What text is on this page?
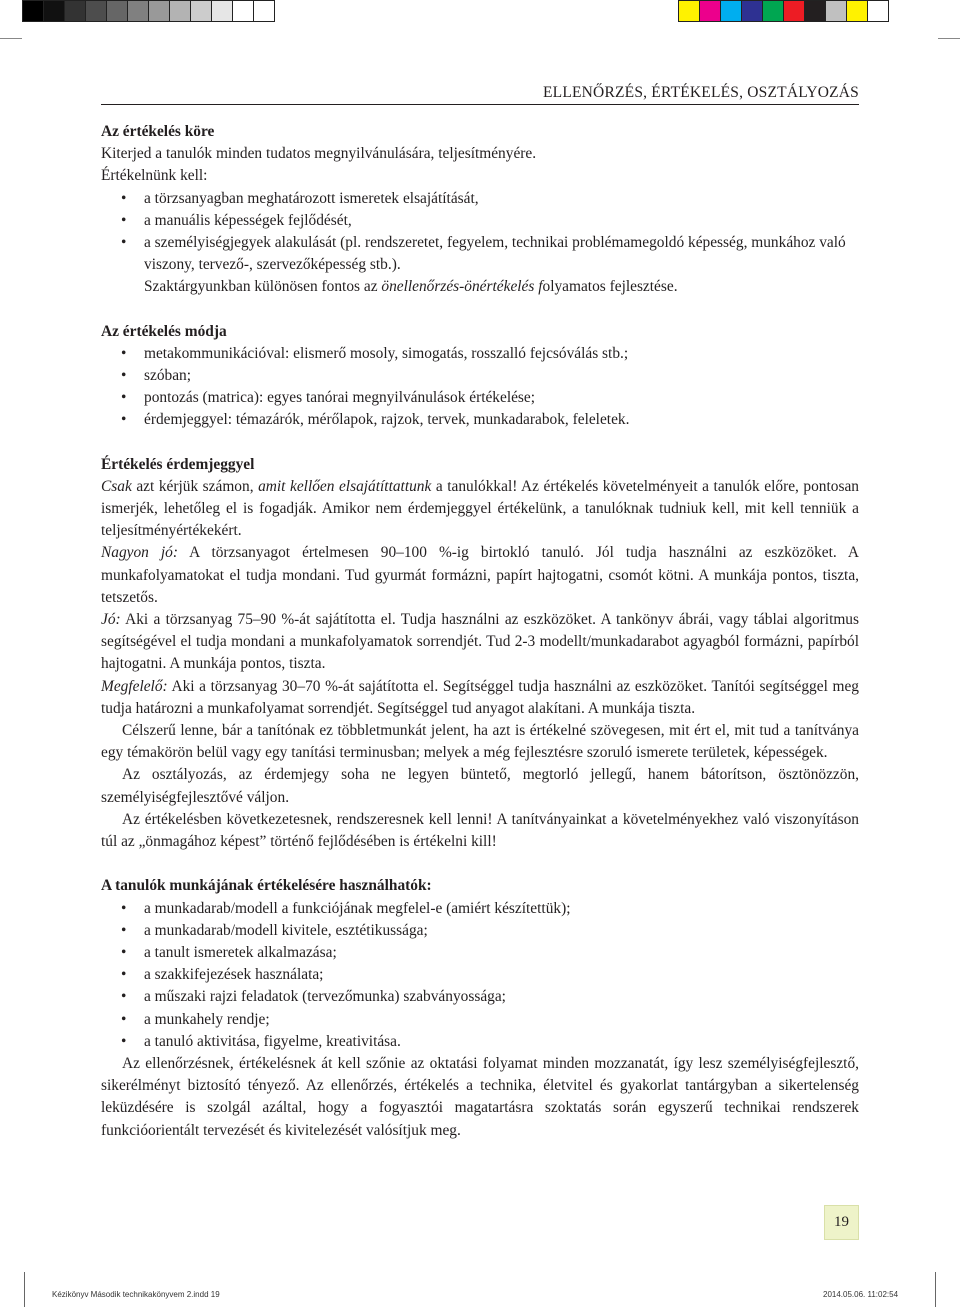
ELLENŐRZÉS, ÉRTÉKELÉS, OSZTÁLYOZÁS

Az értékelés köre

Kiterjed a tanulók minden tudatos megnyilvánulására, teljesítményére.

Értékelnünk kell:

• a törzsanyagban meghatározott ismeretek elsajátítását,
• a manuális képességek fejlődését,
• a személyiségjegyek alakulását (pl. rendszeretet, fegyelem, technikai problémamegoldó képesség, munkához való viszony, tervező-, szervezőképesség stb.).

Szaktárgyunkban különösen fontos az önellenőrzés-önértékelés folyamatos fejlesztése.

Az értékelés módja

• metakommunikációval: elismerő mosoly, simogatás, rosszalló fejcsóválás stb.;
• szóban;
• pontozás (matrica): egyes tanórai megnyilvánulások értékelése;
• érdemjeggyel: témazárók, mérőlapok, rajzok, tervek, munkadarabok, feleletek.

Értékelés érdemjeggyel

Csak azt kérjük számon, amit kellően elsajátíttattunk a tanulókkal! Az értékelés követelményeit a tanulók előre, pontosan ismerjék, lehetőleg el is fogadják. Amikor nem érdemjeggyel értékelünk, a tanulóknak tudniuk kell, mit kell tenniük a teljesítményértékekért.

Nagyon jó: A törzsanyagot értelmesen 90–100 %-ig birtokló tanuló. Jól tudja használni az eszközöket. A munkafolyamatokat el tudja mondani. Tud gyurmát formázni, papírt hajtogatni, csomót kötni. A munkája pontos, tiszta, tetszetős.

Jó: Aki a törzsanyag 75–90 %-át sajátította el. Tudja használni az eszközöket. A tankönyv ábrái, vagy táblai algoritmus segítségével el tudja mondani a munkafolyamatok sorrendjét. Tud 2-3 modellt/munkadarabot agyagból formázni, papírból hajtogatni. A munkája pontos, tiszta.

Megfelelő: Aki a törzsanyag 30–70 %-át sajátította el. Segítséggel tudja használni az eszközöket. Tanítói segítséggel meg tudja határozni a munkafolyamat sorrendjét. Segítséggel tud anyagot alakítani. A munkája tiszta.

Célszerű lenne, bár a tanítónak ez többletmunkát jelent, ha azt is értékelné szövegesen, mit ért el, mit tud a tanítványa egy témakörön belül vagy egy tanítási terminusban; melyek a még fejlesztésre szoruló ismerete területek, képességek.

Az osztályozás, az érdemjegy soha ne legyen büntető, megtorló jellegű, hanem bátorítson, ösztönözzön, személyiségfejlesztővé váljon.

Az értékelésben következetesnek, rendszeresnek kell lenni! A tanítványainkat a követelményekhez való viszonyításon túl az „önmagához képest” történő fejlődésében is értékelni kill!

A tanulók munkájának értékelésére használhatók:

• a munkadarab/modell a funkciójának megfelel-e (amiért készítettük);
• a munkadarab/modell kivitele, esztétikussága;
• a tanult ismeretek alkalmazása;
• a szakkifejezések használata;
• a műszaki rajzi feladatok (tervezőmunka) szabványossága;
• a munkahely rendje;
• a tanuló aktivitása, figyelme, kreativitása.

Az ellenőrzésnek, értékelésnek át kell szőnie az oktatási folyamat minden mozzanatát, így lesz személyiségfejlesztő, sikerélményt biztosító tényező. Az ellenőrzés, értékelés a technika, életvitel és gyakorlat tantárgyban a sikertelenség leküzdésére is szolgál azáltal, hogy a fogyasztói magatartásra szoktatás során egyszerű technikai rendszerek funkcióorientált tervezését és kivitelezését valósítjuk meg.

19
Kézikönyv Második technikakönyvem 2.indd 19	2014.05.06. 11:02:54
